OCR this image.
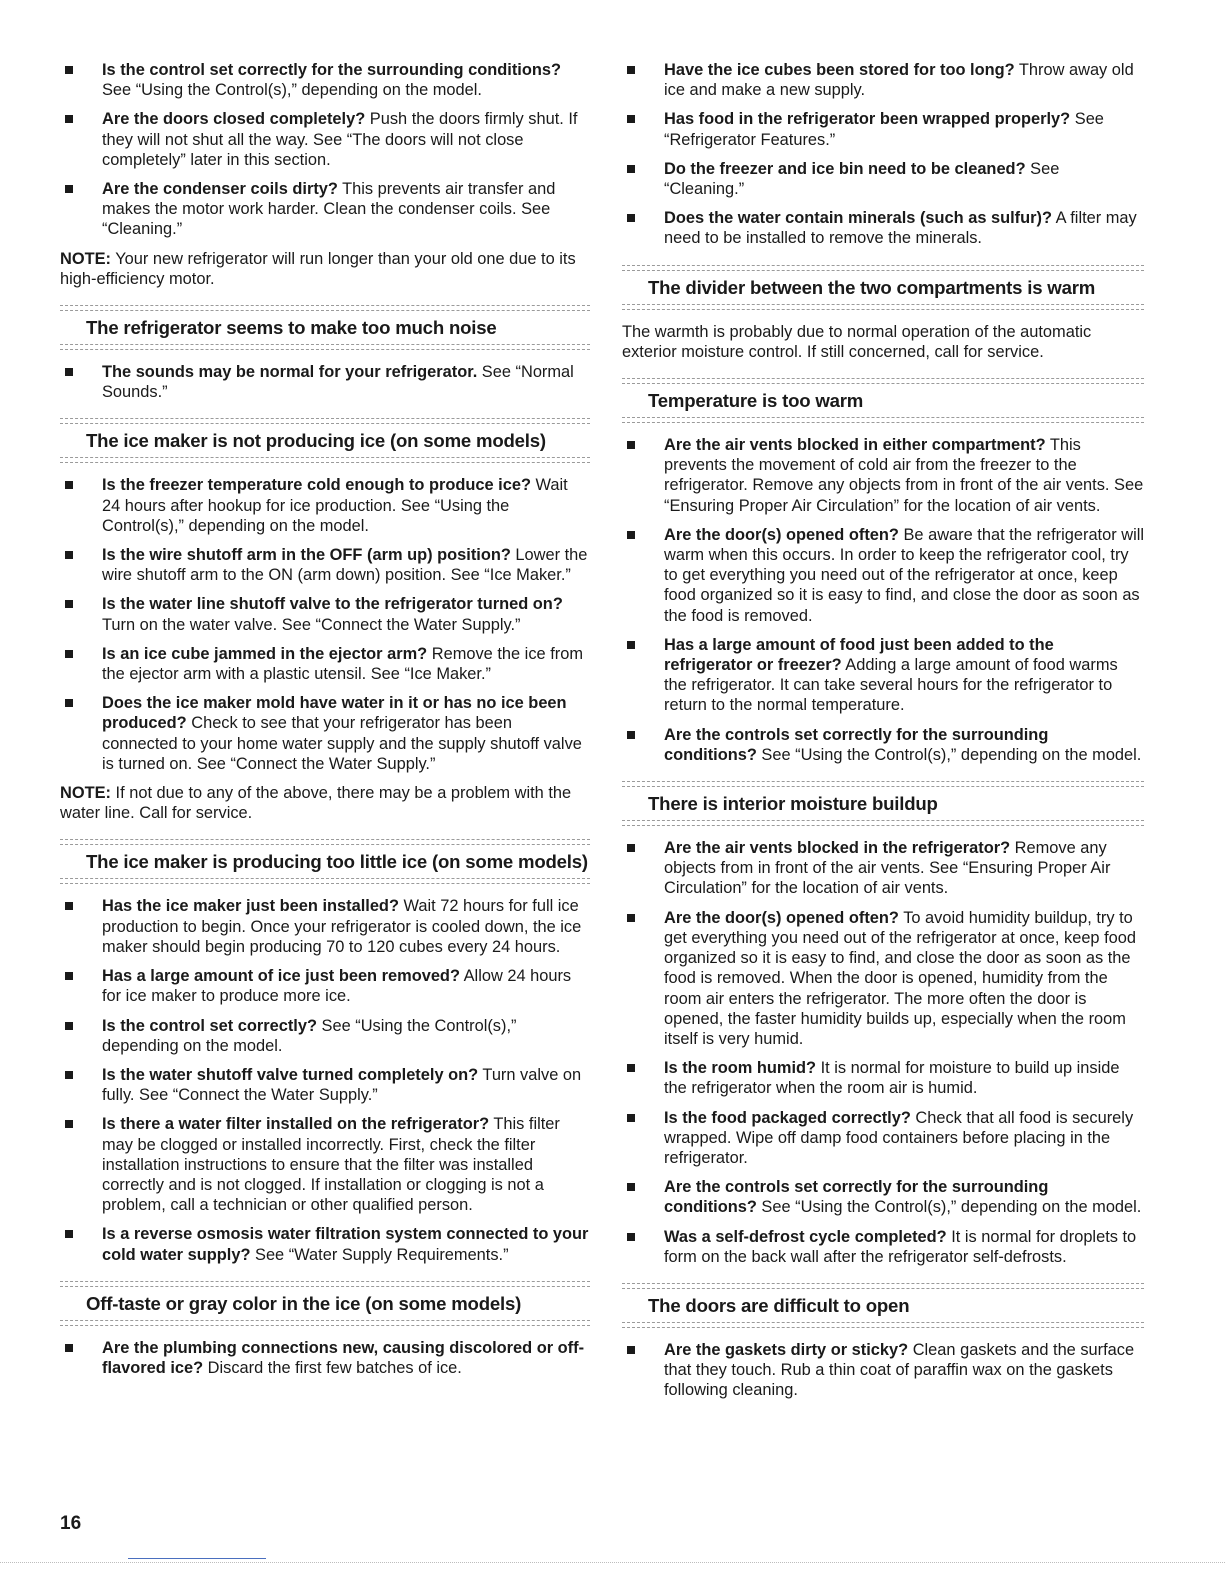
Is the control set correctly for the surrounding conditions? See “Using the Control(s),” depending on the model.
Are the doors closed completely? Push the doors firmly shut. If they will not shut all the way. See “The doors will not close completely” later in this section.
Are the condenser coils dirty? This prevents air transfer and makes the motor work harder. Clean the condenser coils. See “Cleaning.”

NOTE: Your new refrigerator will run longer than your old one due to its high-efficiency motor.

The refrigerator seems to make too much noise
The sounds may be normal for your refrigerator. See “Normal Sounds.”
The ice maker is not producing ice (on some models)
Is the freezer temperature cold enough to produce ice? Wait 24 hours after hookup for ice production. See “Using the Control(s),” depending on the model.
Is the wire shutoff arm in the OFF (arm up) position? Lower the wire shutoff arm to the ON (arm down) position. See “Ice Maker.”
Is the water line shutoff valve to the refrigerator turned on? Turn on the water valve. See “Connect the Water Supply.”
Is an ice cube jammed in the ejector arm? Remove the ice from the ejector arm with a plastic utensil. See “Ice Maker.”
Does the ice maker mold have water in it or has no ice been produced? Check to see that your refrigerator has been connected to your home water supply and the supply shutoff valve is turned on. See “Connect the Water Supply.”

NOTE: If not due to any of the above, there may be a problem with the water line. Call for service.

The ice maker is producing too little ice (on some models)
Has the ice maker just been installed? Wait 72 hours for full ice production to begin. Once your refrigerator is cooled down, the ice maker should begin producing 70 to 120 cubes every 24 hours.
Has a large amount of ice just been removed? Allow 24 hours for ice maker to produce more ice.
Is the control set correctly? See “Using the Control(s),” depending on the model.
Is the water shutoff valve turned completely on? Turn valve on fully. See “Connect the Water Supply.”
Is there a water filter installed on the refrigerator? This filter may be clogged or installed incorrectly. First, check the filter installation instructions to ensure that the filter was installed correctly and is not clogged. If installation or clogging is not a problem, call a technician or other qualified person.
Is a reverse osmosis water filtration system connected to your cold water supply? See “Water Supply Requirements.”
Off-taste or gray color in the ice (on some models)
Are the plumbing connections new, causing discolored or off-flavored ice? Discard the first few batches of ice.
Have the ice cubes been stored for too long? Throw away old ice and make a new supply.
Has food in the refrigerator been wrapped properly? See “Refrigerator Features.”
Do the freezer and ice bin need to be cleaned? See “Cleaning.”
Does the water contain minerals (such as sulfur)? A filter may need to be installed to remove the minerals.
The divider between the two compartments is warm

The warmth is probably due to normal operation of the automatic exterior moisture control. If still concerned, call for service.

Temperature is too warm
Are the air vents blocked in either compartment? This prevents the movement of cold air from the freezer to the refrigerator. Remove any objects from in front of the air vents. See “Ensuring Proper Air Circulation” for the location of air vents.
Are the door(s) opened often? Be aware that the refrigerator will warm when this occurs. In order to keep the refrigerator cool, try to get everything you need out of the refrigerator at once, keep food organized so it is easy to find, and close the door as soon as the food is removed.
Has a large amount of food just been added to the refrigerator or freezer? Adding a large amount of food warms the refrigerator. It can take several hours for the refrigerator to return to the normal temperature.
Are the controls set correctly for the surrounding conditions? See “Using the Control(s),” depending on the model.
There is interior moisture buildup
Are the air vents blocked in the refrigerator? Remove any objects from in front of the air vents. See “Ensuring Proper Air Circulation” for the location of air vents.
Are the door(s) opened often? To avoid humidity buildup, try to get everything you need out of the refrigerator at once, keep food organized so it is easy to find, and close the door as soon as the food is removed. When the door is opened, humidity from the room air enters the refrigerator. The more often the door is opened, the faster humidity builds up, especially when the room itself is very humid.
Is the room humid? It is normal for moisture to build up inside the refrigerator when the room air is humid.
Is the food packaged correctly? Check that all food is securely wrapped. Wipe off damp food containers before placing in the refrigerator.
Are the controls set correctly for the surrounding conditions? See “Using the Control(s),” depending on the model.
Was a self-defrost cycle completed? It is normal for droplets to form on the back wall after the refrigerator self-defrosts.
The doors are difficult to open
Are the gaskets dirty or sticky? Clean gaskets and the surface that they touch. Rub a thin coat of paraffin wax on the gaskets following cleaning.
16
